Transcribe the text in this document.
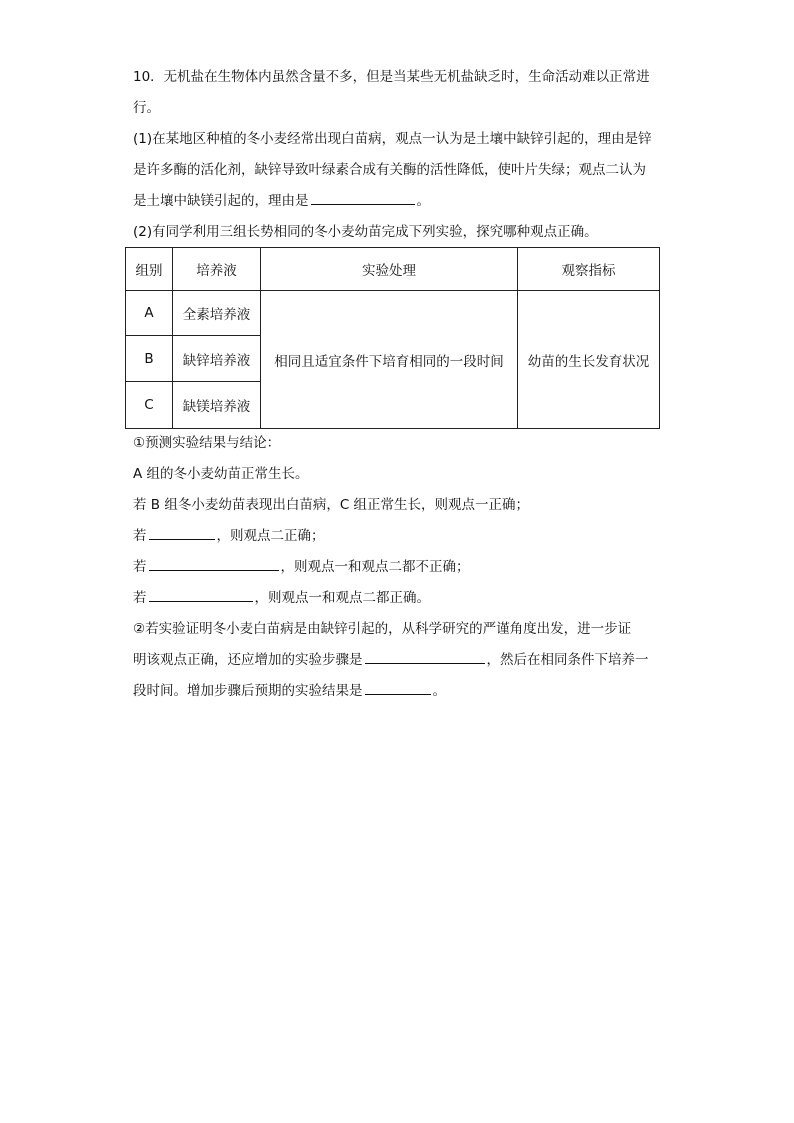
10．无机盐在生物体内虽然含量不多，但是当某些无机盐缺乏时，生命活动难以正常进
行。
(1)在某地区种植的冬小麦经常出现白苗病，观点一认为是土壤中缺锌引起的，理由是锌
是许多酶的活化剂，缺锌导致叶绿素合成有关酶的活性降低，使叶片失绿；观点二认为
是土壤中缺镁引起的，理由是	。
(2)有同学利用三组长势相同的冬小麦幼苗完成下列实验，探究哪种观点正确。
组别	培养液	实验处理	观察指标
A	全素培养液	相同且适宜条件下培育相同的一段时间	幼苗的生长发育状况
B	缺锌培养液		
C	缺镁培养液		
①预测实验结果与结论：
A 组的冬小麦幼苗正常生长。
若 B 组冬小麦幼苗表现出白苗病，C 组正常生长，则观点一正确；
若	，则观点二正确；
若	，则观点一和观点二都不正确；
若	，则观点一和观点二都正确。
②若实验证明冬小麦白苗病是由缺锌引起的，从科学研究的严谨角度出发，进一步证
明该观点正确，还应增加的实验步骤是	，然后在相同条件下培养一
段时间。增加步骤后预期的实验结果是	。
